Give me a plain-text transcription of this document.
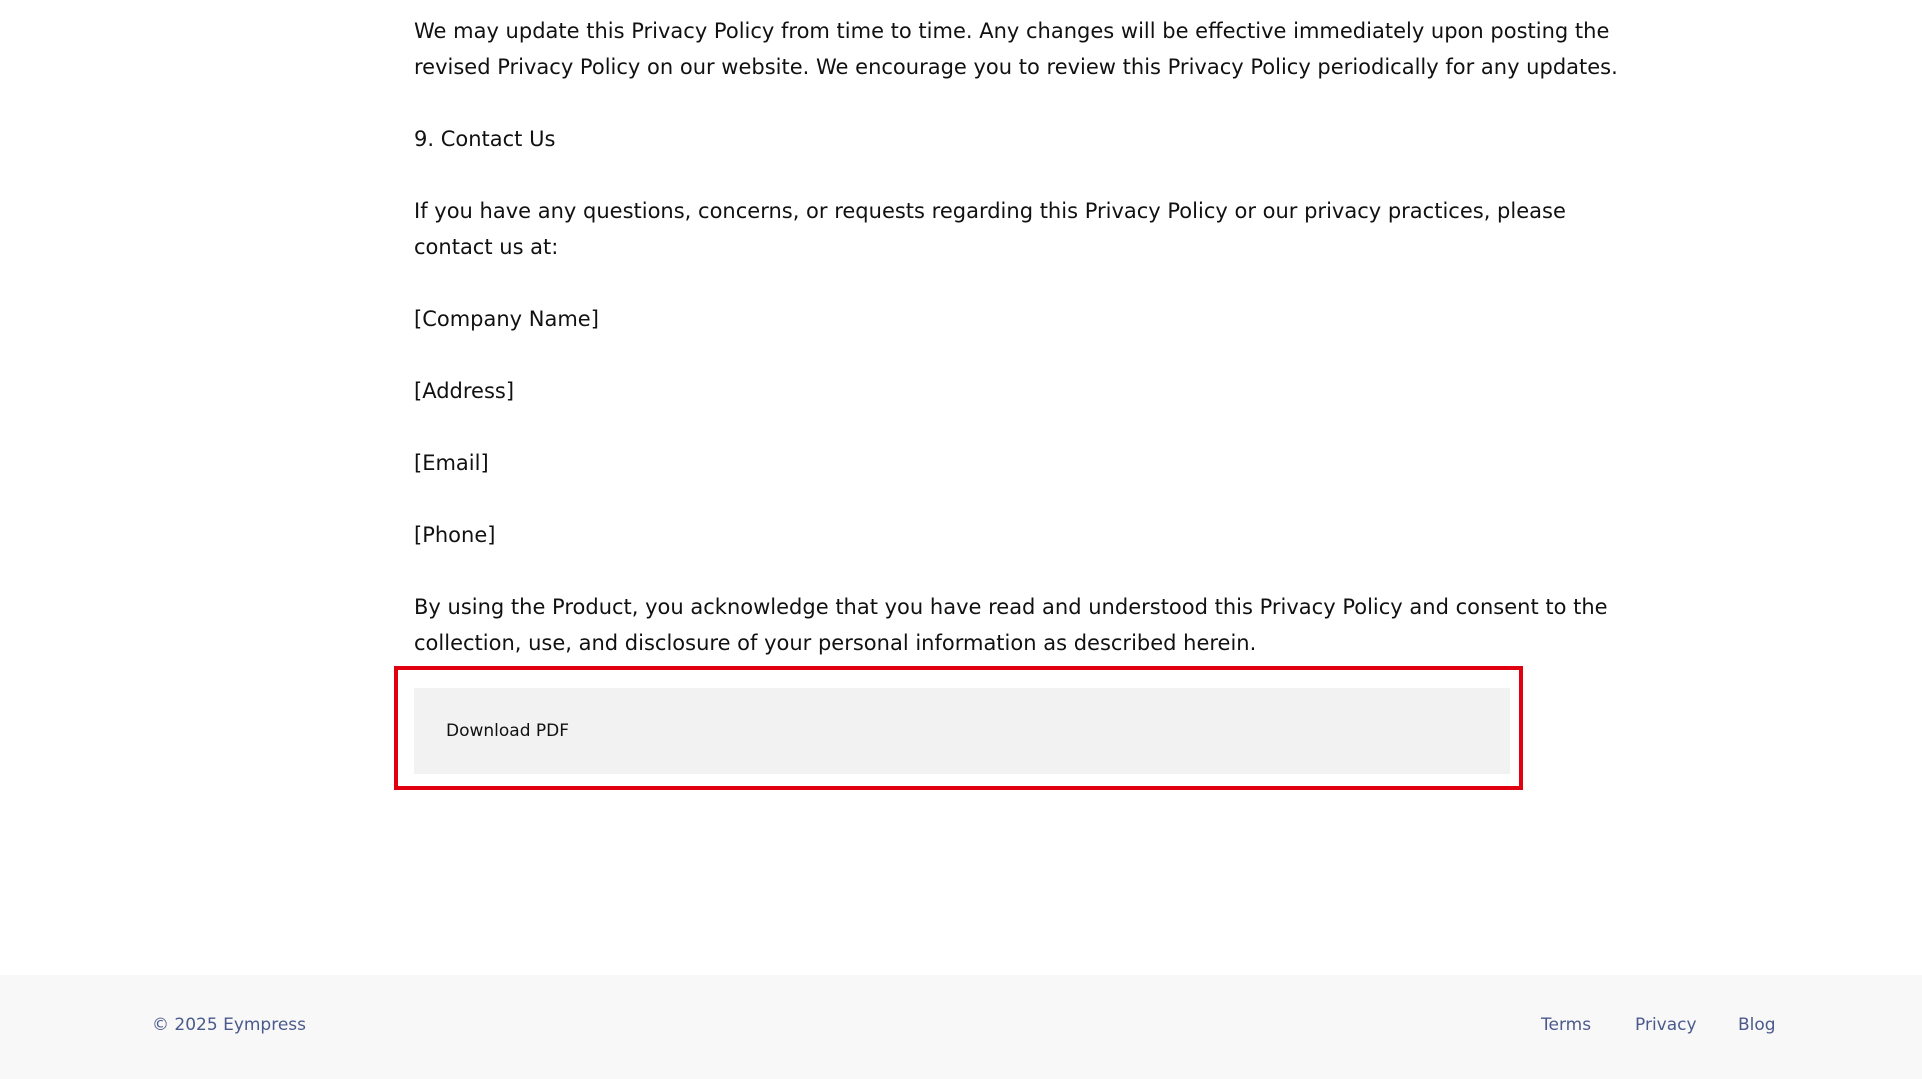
We may update this Privacy Policy from time to time. Any changes will be effective immediately upon posting the

revised Privacy Policy on our website. We encourage you to review this Privacy Policy periodically for any updates.

9. Contact Us

If you have any questions, concerns, or requests regarding this Privacy Policy or our privacy practices, please

contact us at:

[Company Name]

[Address]

[Email]

[Phone]

By using the Product, you acknowledge that you have read and understood this Privacy Policy and consent to the

collection, use, and disclosure of your personal information as described herein.

Download PDF
© 2025 Eympress	Terms	Privacy Blog
